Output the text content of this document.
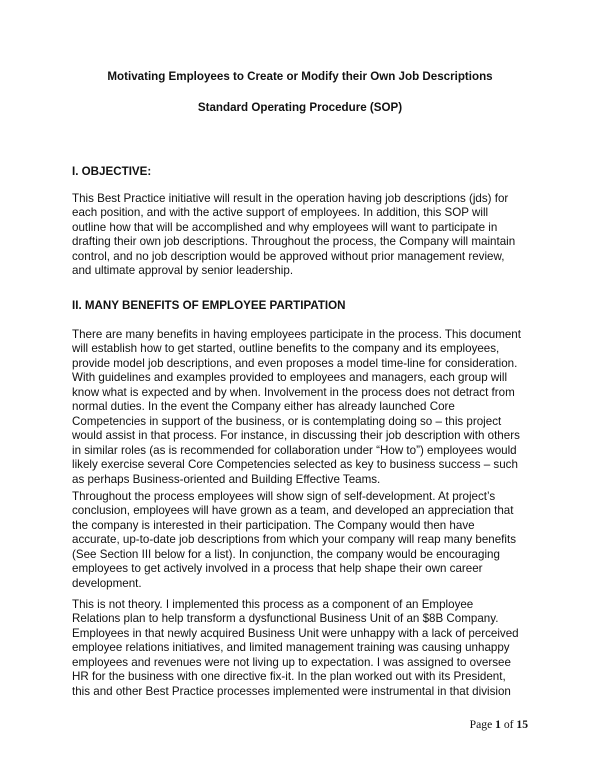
Motivating Employees to Create or Modify their Own Job Descriptions

Standard Operating Procedure (SOP)

I. OBJECTIVE:

This Best Practice initiative will result in the operation having job descriptions (jds) for
each position, and with the active support of employees. In addition, this SOP will
outline how that will be accomplished and why employees will want to participate in
drafting their own job descriptions. Throughout the process, the Company will maintain
control, and no job description would be approved without prior management review,
and ultimate approval by senior leadership.

II. MANY BENEFITS OF EMPLOYEE PARTIPATION

There are many benefits in having employees participate in the process. This document
will establish how to get started, outline benefits to the company and its employees,
provide model job descriptions, and even proposes a model time-line for consideration.
With guidelines and examples provided to employees and managers, each group will
know what is expected and by when. Involvement in the process does not detract from
normal duties. In the event the Company either has already launched Core
Competencies in support of the business, or is contemplating doing so – this project
would assist in that process. For instance, in discussing their job description with others
in similar roles (as is recommended for collaboration under “How to”) employees would
likely exercise several Core Competencies selected as key to business success – such
as perhaps Business-oriented and Building Effective Teams.

Throughout the process employees will show sign of self-development. At project’s
conclusion, employees will have grown as a team, and developed an appreciation that
the company is interested in their participation. The Company would then have
accurate, up-to-date job descriptions from which your company will reap many benefits
(See Section III below for a list). In conjunction, the company would be encouraging
employees to get actively involved in a process that help shape their own career
development.

This is not theory. I implemented this process as a component of an Employee
Relations plan to help transform a dysfunctional Business Unit of an $8B Company.
Employees in that newly acquired Business Unit were unhappy with a lack of perceived
employee relations initiatives, and limited management training was causing unhappy
employees and revenues were not living up to expectation. I was assigned to oversee
HR for the business with one directive fix-it. In the plan worked out with its President,
this and other Best Practice processes implemented were instrumental in that division

Page 1 of 15
